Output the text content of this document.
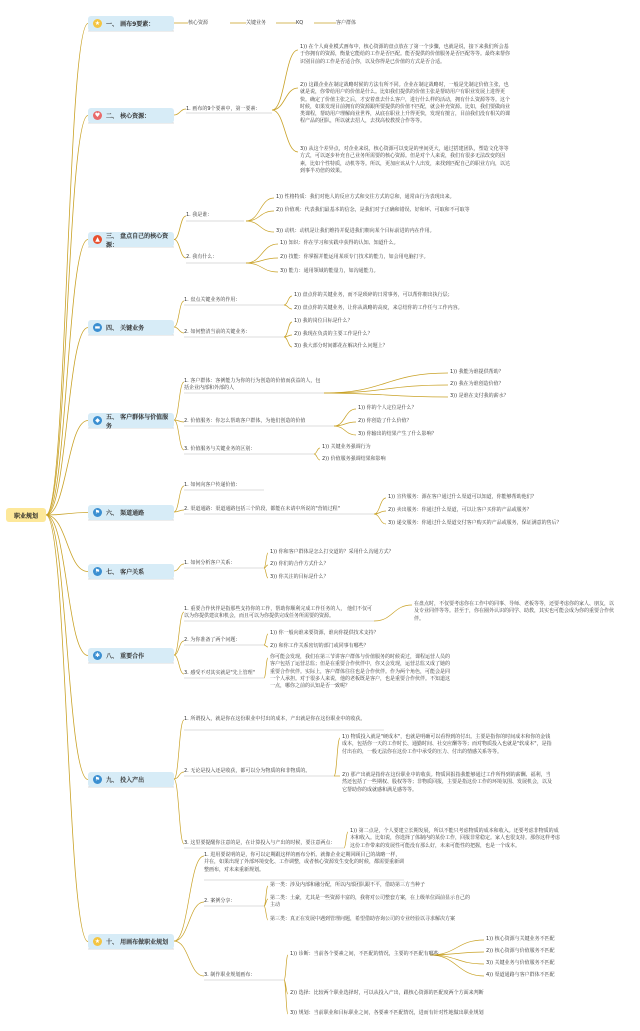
职业规划
★ 一、 画布9要素：
♥ 二、 核心资源：
▲	三、 盘点自己的核心资源：
▬ 四、 关键业务
◆	五、 客户群体与价值服务
⚑ 六、 渠道通路
⚑ 七、 客户关系
✱ 八、 重要合作
⚑ 九、 投入产出
★ 十、 用画布做职业规划
核心资源	关键业务	KQ	客户群体
1. 画布的9个要素中，第一要素：
1)) 在个人商业模式画布中，核心资源的盘点放在了第一个步骤，也就是说，接下来我们所会基于你拥有的资源，衡量它能给的工作是否匹配。能否提供的价值服务是否匹配等等。最终来帮你识别目前的工作是否适合你，以及你得是已价值的方式是否合适。
2)) 这跟企业在制定战略时候的方法有所不同。企业在制定战略时，一般是先制定价值主张，也就是说，你带给用户的价值是什么。比如我们提供的价值主张是帮助用户有职业发展上进得更快。确定了价值主张之后，才安着盘去什么客户，进行什么样的活动，拥有什么资源等等。这个时候，如果发现目前拥有的资源跟所要提供的价值不匹配，就会补充资源。比如，我们要做商业类课程，帮助用户理解商业世界，从底在职业上升得更快，发现有擅言，目前我们没有相关的课程产品的团队，所以就去招人，去找高校教授合作等等。
3)) 从这个差异点，对企业来说，核心资源可以变是的坐间更大，通过搭建团队，塑造文化等等方式，可以逐步补充自己业务所需要的核心资源。但是对个人来说，我们有很多无法改变的因素，比如个性特质，动机等等。所以，更加应该从个人出发，来找到匹配自己的职业方向，以达到事半功倍的效果。
1. 我是谁：
2. 我有什么：
1)) 性格特质：我们对他人的反应方式和交往方式的总和，通常由行为表现出来。
2)) 价值观：代表我们最基本的信念，是我们对于正确和错误、好和坏、可取和不可取等
3)) 动机：动机是让我们维持并促进我们朝向某个目标前进的内在作用。
1)) 知识：你在学习和实践中获得的认知、知道什么。
2)) 技能：你掌握并能运用某项专门技术的能力，如会用电脑打字。
3)) 能力：通用领域的能量力，如沟通能力。
1. 盘点关键业务的作用：
2. 如何整清当前的关键业务：
1)) 盘点你的关键业务，而不是琐碎的日常事务，可以帮你朝出执行层；
2)) 盘点你的关键业务，让你从战略的高度，来总结你的工作任与工作内容。
1)) 我的岗位目标是什么？
2)) 我现在负责的主要工作是什么？
3)) 我大部分时间都花在解决什么问题上？
1. 客户群体：客例能力为你的行为创造的价值而获益的人，包括企业内部和外部的人
2. 价值服务：你怎么帮助客户群体，为他们创造的价值
3. 价值服务与关键业务的区别：
1)) 我能为谁提供帮助？
2)) 我在为谁创造价值？
3)) 是谁在支付我的薪水？
1)) 你的个人定位是什么？
2)) 你创造了什么价值？
3)) 你输出的结果产生了什么影响？
1)) 关键业务强调行为
2)) 价值服务强调结果和影响
1. 如何向客户传递价值：
2. 渠道通路：渠道通路包括三个阶段，都能在未请中所说的"营销过程"
1)) 宣传服务：源在客户通过什么渠道可以知道，你能够帮助他们？
2)) 卖出服务：你通过什么渠道，可以让客户买你的产品或服务？
3)) 递交服务：你通过什么渠道交付客户购买的产品或服务，保证满意的售后？
1. 如何分析客户关系：
1)) 你和客户群体是怎么打交道的？采用什么沟通方式？
2)) 你们的合作方式什么？
3)) 你关注的目标是什么？
1. 重要合作伙伴是指那些支持你的工作，帮助你顺利完成工作任务的人， 他们不仅可以为你提供建议和机会，而且可以为你提供完成任务所需要的资源。
2. 为你准备了两个问题：
3. 感受不对其实就是"先上管理"
在盘点时，不仅要考虑你在工作中的同事、导师、老板等等，还要考虑你的家人、朋友，以及专业同伴等等。甚至于，你在圈外认识的同学、助教，其实也可能会成为你的重要合作伙伴。
1)) 你一般向谁来要资源，谁向你提供技术支持？
2)) 和你工作关系密切的部门或同事有哪些？
你可能会发现，我们在第三节讲客户群体与价值服务的时候说过，课程运营人员的客户包括了运营总监；但是在重要合作伙伴中，你又会发现，运营总监又成了她的重要合作伙伴。实际上，客户群体往往也是合作伙伴。作为两个角色，可能会是同一个人承担。对于很多人来说，他的老板既是客户，也是重要合作伙伴。不知道这一点，哪你之前的认知是否一致呢？
1. 所谓投入，就是你在这份职业中付出的成本，产出就是你在这份职业中的收获。
2. 无论是投入还是收获，都可以分为物质的和非物质的。
3. 这里要提醒你注意的是，在计算投入与产出的时候，要注意两点：
1)) 物质投入就是"硬成本"，也就是明确可以看得到的付出。主要是指你的时间成本和你的金钱成本，包括你一天的工作时长、通勤时间、社交应酬等等；而对物质投入也就是"软成本"，是指付出在的，一般无法你在这份工作中承受的压力、付出的情感关系等等。
2)) 那产出就是指你在这份职业中的收获。物质回报指我能够通过工作所得到的薪酬、福利，当然还包括了一些期权、股权等等；非物质回报，主要是指这份工作的环境氛围、发展机会，以及它帮助你的成就感和满足感等等。
1)) 第二点是，个人要建立长期发展，所以不能只考虑物质的成本和收入。还要考虑非物质的成本和收入。比如说，你选择了体制内的某份工作，回报非常稳定。家人也很支持。那你这样考虑这份工作带来的发展性可能没有那么好，未来可能性的把握，也是一个成本。
1. 进用要说明的是，你可以定期跟这样的画布分析。就像企业定期回顾目己的战略一样，并在，如果出现了外部环境变化、工作调整，或者核心资源发生变化的时候，都需要重新调整画布，对未来重新规划。
2. 案例分享：
3. 制作职业规划画布：
第一类：涉及内部和融分配，所以内部团队跟不平，借助第三方当种子
第二类：土豪，尤其是一些资源丰富的，我将对公司整套方案，在上级单位面前显示自己的主动
第三类：真正在发展中遇到管理问题，希望借助咨询公司的专业经验以寻求解决方案
1)) 诊断：当前各个要素之间，不匹配的情况，主要的不匹配有哪些
2)) 选择：比较两个职业选择时，可以从投入产出，跟核心资源的匹配度两个方面来判断
3)) 规划：当前职业和目标职业之间，各要素不匹配情况，进而有针对性地做出职业规划
1)) 核心资源与关键业务不匹配
2)) 核心资源与价值服务不匹配
3)) 关键业务与价值服务不匹配
4)) 渠道通路与客户群体不匹配
